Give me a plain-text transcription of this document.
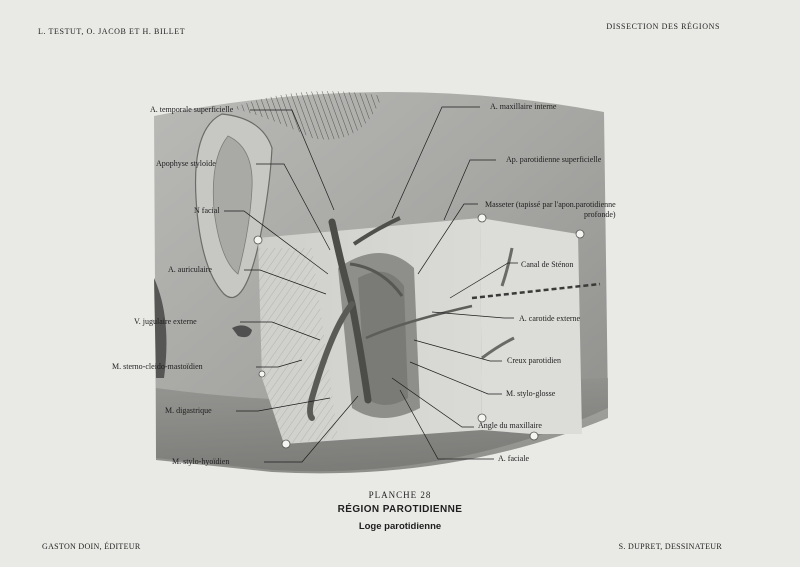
L. TESTUT, O. JACOB ET H. BILLET
DISSECTION DES RÉGIONS
A. temporale superficielle
Apophyse styloïde
N facial
A. auriculaire
V. jugulaire externe
M. sterno-cleido-mastoïdien
M. digastrique
M. stylo-hyoïdien
A. maxillaire interne
Ap. parotidienne superficielle
Masseter (tapissé par l'apon.parotidienne
profonde)
Canal de Sténon
A. carotide externe
Creux parotidien
M. stylo-glosse
Angle du maxillaire
A. faciale
PLANCHE 28
RÉGION PAROTIDIENNE
Loge parotidienne
GASTON DOIN, ÉDITEUR	S. DUPRET, DESSINATEUR
